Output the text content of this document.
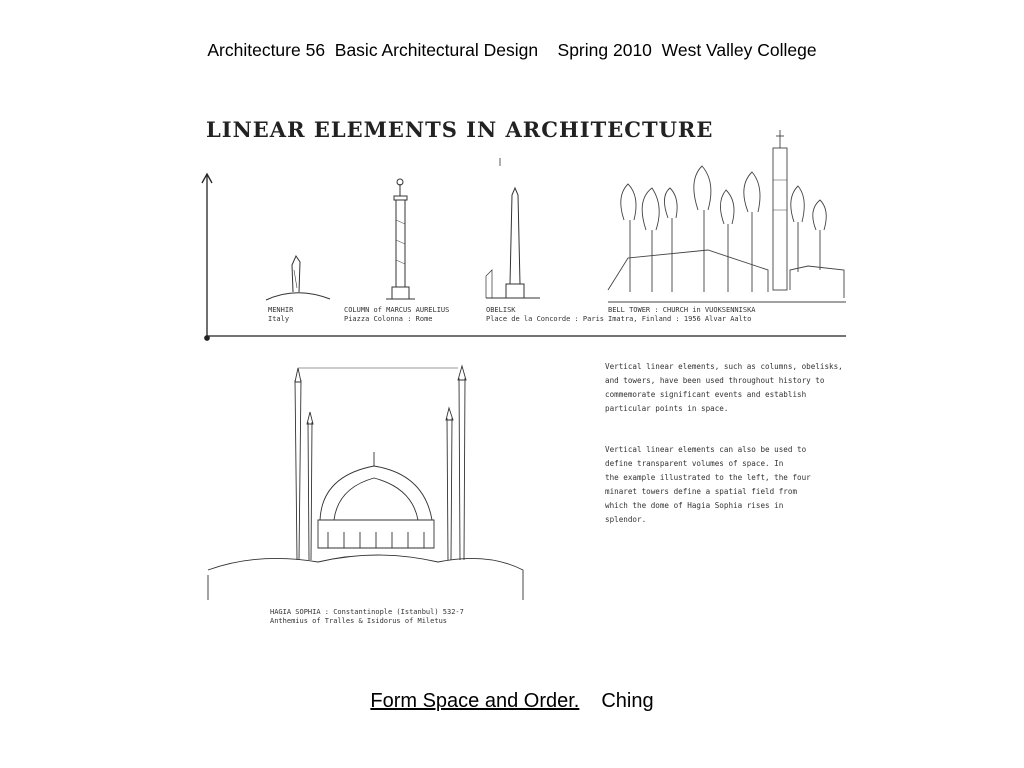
Architecture 56  Basic Architectural Design Spring 2010  West Valley College
LINEAR ELEMENTS IN ARCHITECTURE
MENHIR Italy
COLUMN of MARCUS AURELIUS Piazza Colonna : Rome
OBELISK Place de la Concorde : Paris
BELL TOWER : CHURCH in VUOKSENNISKA Imatra, Finland : 1956 Alvar Aalto
HAGIA SOPHIA : Constantinople (Istanbul) 532-7 Anthemius of Tralles & Isidorus of Miletus
Vertical linear elements, such as columns, obelisks, and towers, have been used throughout history to commemorate significant events and establish particular points in space.
Vertical linear elements can also be used to define transparent volumes of space. In the example illustrated to the left, the four minaret towers define a spatial field from which the dome of Hagia Sophia rises in splendor.
Form Space and Order. Ching
